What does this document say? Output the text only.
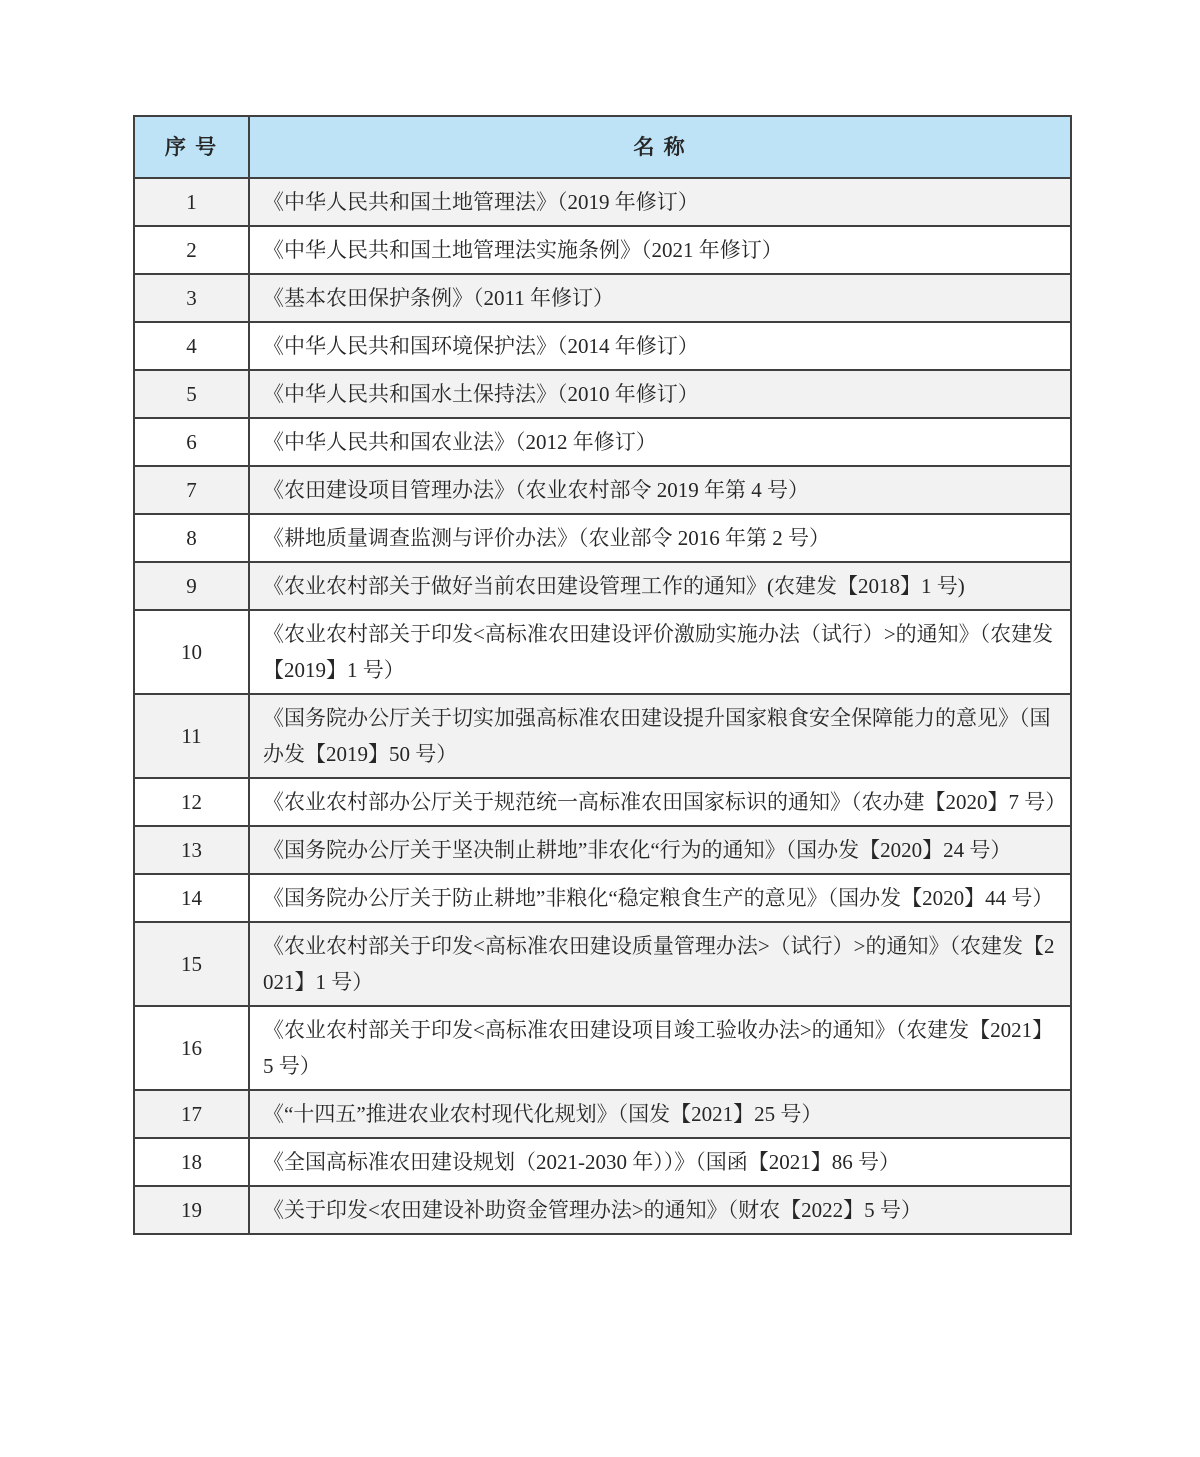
序 号	名 称
1	《中华人民共和国土地管理法》（2019 年修订）
2	《中华人民共和国土地管理法实施条例》（2021 年修订）
3	《基本农田保护条例》（2011 年修订）
4	《中华人民共和国环境保护法》（2014 年修订）
5	《中华人民共和国水土保持法》（2010 年修订）
6	《中华人民共和国农业法》（2012 年修订）
7	《农田建设项目管理办法》（农业农村部令 2019 年第 4 号）
8	《耕地质量调查监测与评价办法》（农业部令 2016 年第 2 号）
9	《农业农村部关于做好当前农田建设管理工作的通知》(农建发【2018】1 号)
10	《农业农村部关于印发<高标准农田建设评价激励实施办法（试行）>的通知》（农建发【2019】1 号）
11	《国务院办公厅关于切实加强高标准农田建设提升国家粮食安全保障能力的意见》（国办发【2019】50 号）
12	《农业农村部办公厅关于规范统一高标准农田国家标识的通知》（农办建【2020】7 号）
13	《国务院办公厅关于坚决制止耕地”非农化“行为的通知》（国办发【2020】24 号）
14	《国务院办公厅关于防止耕地”非粮化“稳定粮食生产的意见》（国办发【2020】44 号）
15	《农业农村部关于印发<高标准农田建设质量管理办法>（试行）>的通知》（农建发【2021】1 号）
16	《农业农村部关于印发<高标准农田建设项目竣工验收办法>的通知》（农建发【2021】5 号）
17	《“十四五”推进农业农村现代化规划》（国发【2021】25 号）
18	《全国高标准农田建设规划（2021-2030 年））》（国函【2021】86 号）
19	《关于印发<农田建设补助资金管理办法>的通知》（财农【2022】5 号）
